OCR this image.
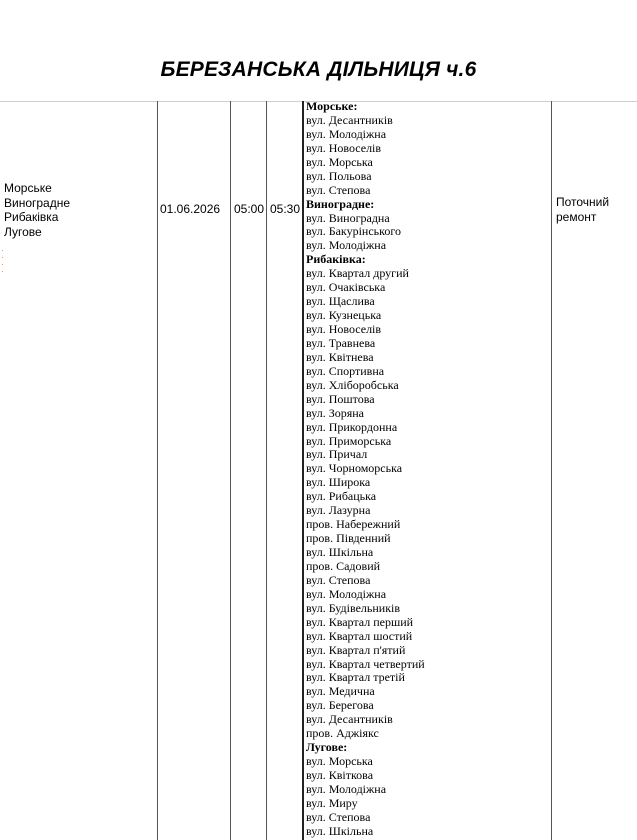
БЕРЕЗАНСЬКА ДІЛЬНИЦЯ ч.6
Морське
Виноградне
Рибаківка
Лугове
01.06.2026 05:00 05:30	Поточний
ремонт
Морське:
вул. Десантників
вул. Молодіжна
вул. Новоселів
вул. Морська
вул. Польова
вул. Степова
Виноградне:
вул. Виноградна
вул. Бакурінського
вул. Молодіжна
Рибаківка:
вул. Квартал другий
вул. Очаківська
вул. Щаслива
вул. Кузнецька
вул. Новоселів
вул. Травнева
вул. Квітнева
вул. Спортивна
вул. Хліборобська
вул. Поштова
вул. Зоряна
вул. Прикордонна
вул. Приморська
вул. Причал
вул. Чорноморська
вул. Широка
вул. Рибацька
вул. Лазурна
пров. Набережний
пров. Південний
вул. Шкільна
пров. Садовий
вул. Степова
вул. Молодіжна
вул. Будівельників
вул. Квартал перший
вул. Квартал шостий
вул. Квартал п'ятий
вул. Квартал четвертий
вул. Квартал третій
вул. Медична
вул. Берегова
вул. Десантників
пров. Аджіякс
Лугове:
вул. Морська
вул. Квіткова
вул. Молодіжна
вул. Миру
вул. Степова
вул. Шкільна
